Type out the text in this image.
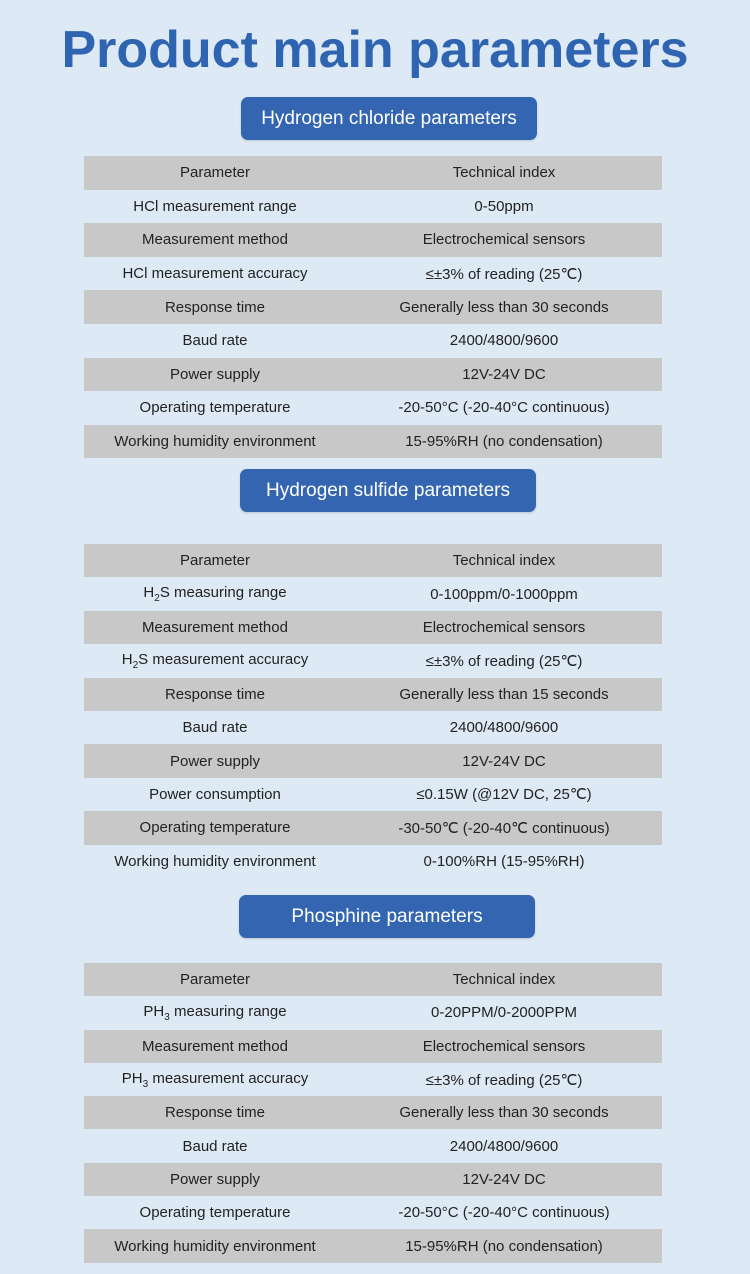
Product main parameters
Hydrogen chloride parameters
Parameter	Technical index
HCl measurement range	0-50ppm
Measurement method	Electrochemical sensors
HCl measurement accuracy	≤±3% of reading (25℃)
Response time	Generally less than 30 seconds
Baud rate	2400/4800/9600
Power supply	12V-24V DC
Operating temperature	-20-50°C (-20-40°C continuous)
Working humidity environment	15-95%RH (no condensation)
Hydrogen sulfide parameters
Parameter	Technical index
$H_2S$ measuring range	0-100ppm/0-1000ppm
Measurement method	Electrochemical sensors
$H_2S$ measurement accuracy	≤±3% of reading (25℃)
Response time	Generally less than 15 seconds
Baud rate	2400/4800/9600
Power supply	12V-24V DC
Power consumption	≤0.15W (@12V DC, 25℃)
Operating temperature	-30-50℃ (-20-40℃ continuous)
Working humidity environment	0-100%RH (15-95%RH)
Phosphine parameters
Parameter	Technical index
$PH_3$ measuring range	0-20PPM/0-2000PPM
Measurement method	Electrochemical sensors
$PH_3$ measurement accuracy	≤±3% of reading (25℃)
Response time	Generally less than 30 seconds
Baud rate	2400/4800/9600
Power supply	12V-24V DC
Operating temperature	-20-50°C (-20-40°C continuous)
Working humidity environment	15-95%RH (no condensation)
